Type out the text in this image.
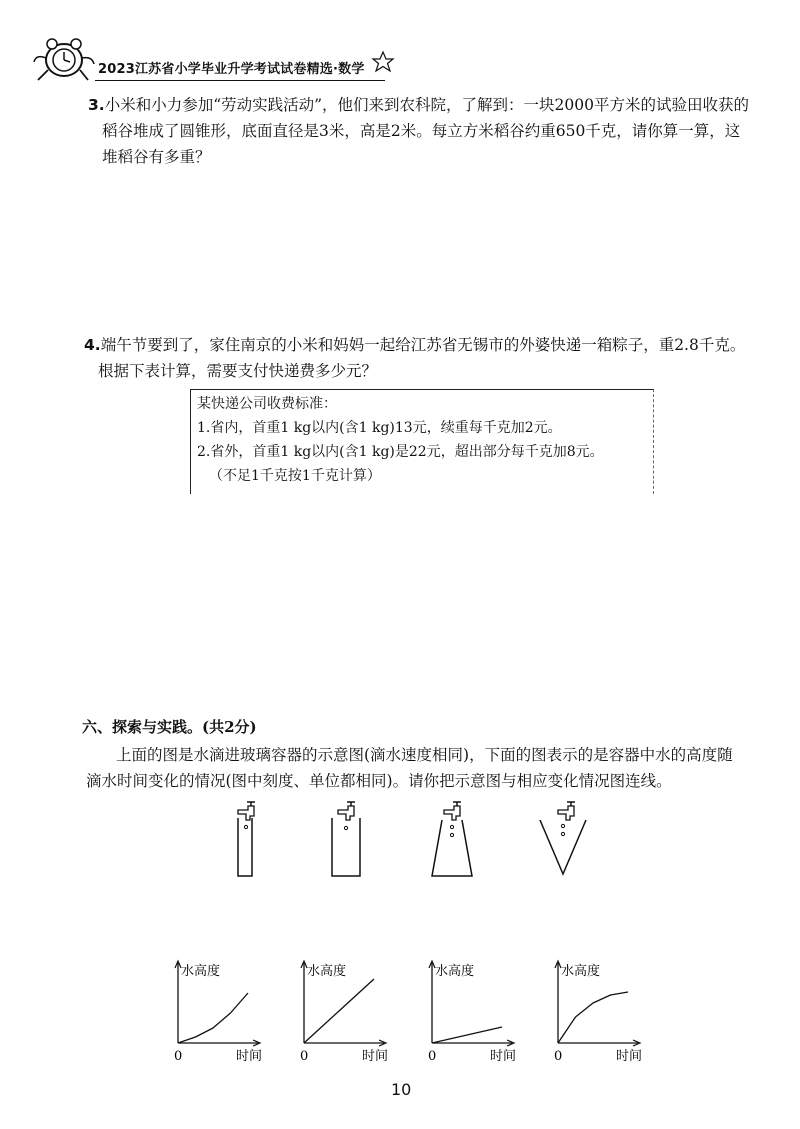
2023江苏省小学毕业升学考试试卷精选·数学
3.小米和小力参加“劳动实践活动”，他们来到农科院，了解到：一块2000平方米的试验田收获的
稻谷堆成了圆锥形，底面直径是3米，高是2米。每立方米稻谷约重650千克，请你算一算，这
堆稻谷有多重？
4.端午节要到了，家住南京的小米和妈妈一起给江苏省无锡市的外婆快递一箱粽子，重2.8千克。
根据下表计算，需要支付快递费多少元？
某快递公司收费标准：
1.省内，首重1 kg以内(含1 kg)13元，续重每千克加2元。
2.省外，首重1 kg以内(含1 kg)是22元，超出部分每千克加8元。
（不足1千克按1千克计算）
六、探索与实践。(共2分)
上面的图是水滴进玻璃容器的示意图(滴水速度相同)，下面的图表示的是容器中水的高度随
滴水时间变化的情况(图中刻度、单位都相同)。请你把示意图与相应变化情况图连线。
水高度
时间
0
水高度
时间
0
水高度
时间
0
水高度
时间
0
10
